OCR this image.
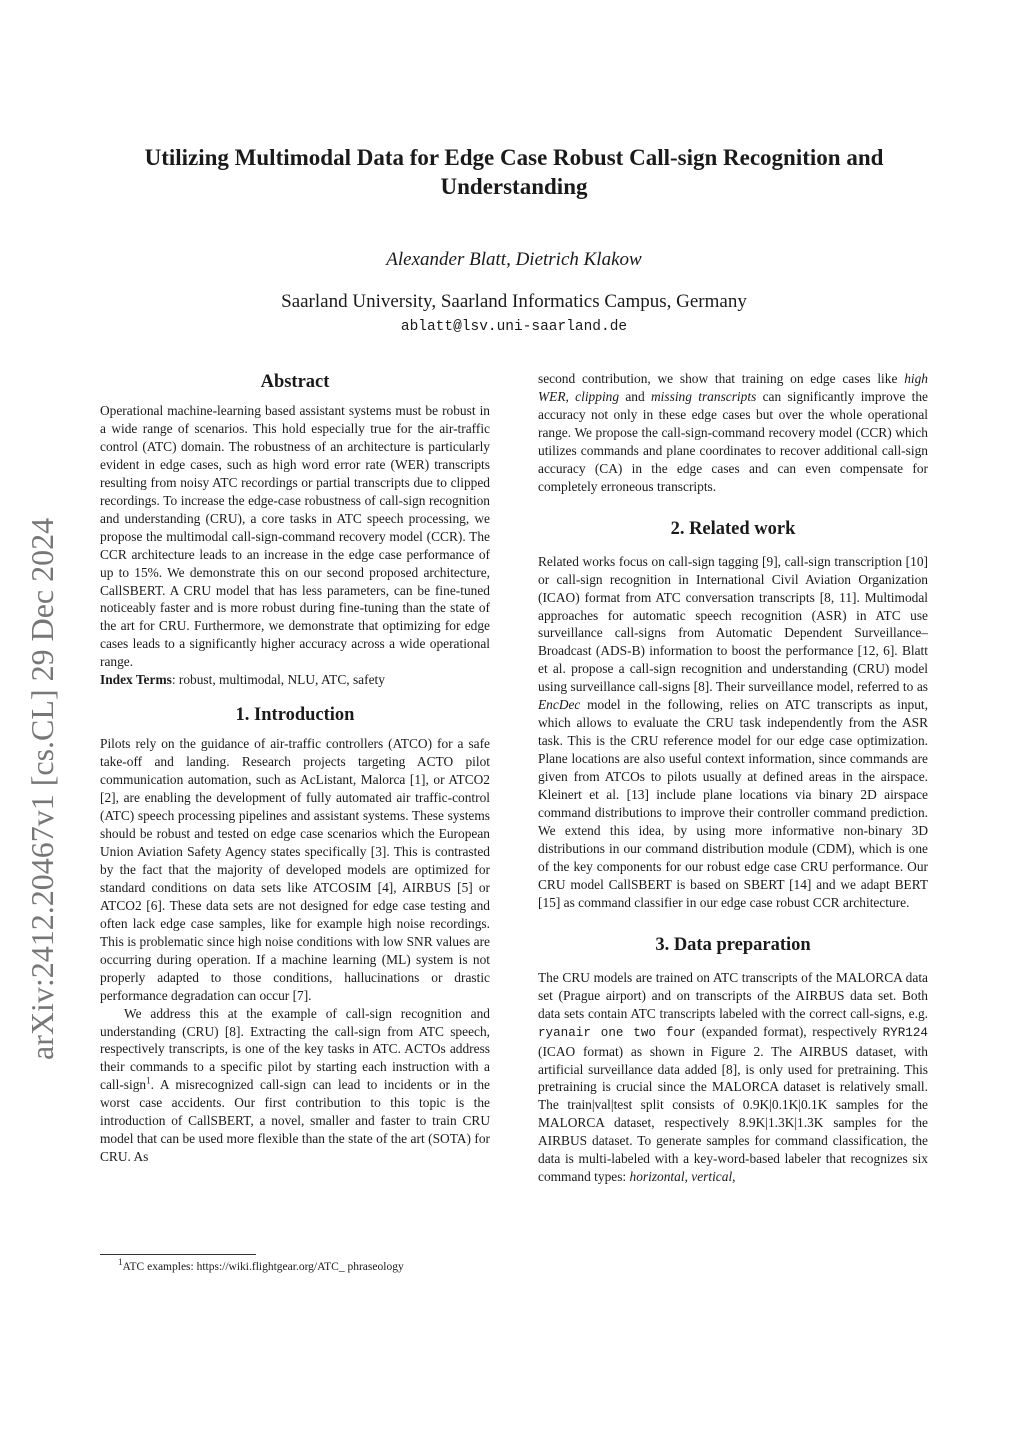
arXiv:2412.20467v1 [cs.CL] 29 Dec 2024
Utilizing Multimodal Data for Edge Case Robust Call-sign Recognition and Understanding
Alexander Blatt, Dietrich Klakow
Saarland University, Saarland Informatics Campus, Germany
ablatt@lsv.uni-saarland.de
Abstract

Operational machine-learning based assistant systems must be robust in a wide range of scenarios. This hold especially true for the air-traffic control (ATC) domain. The robustness of an architecture is particularly evident in edge cases, such as high word error rate (WER) transcripts resulting from noisy ATC recordings or partial transcripts due to clipped recordings. To increase the edge-case robustness of call-sign recognition and understanding (CRU), a core tasks in ATC speech processing, we propose the multimodal call-sign-command recovery model (CCR). The CCR architecture leads to an increase in the edge case performance of up to 15%. We demonstrate this on our second proposed architecture, CallSBERT. A CRU model that has less parameters, can be fine-tuned noticeably faster and is more robust during fine-tuning than the state of the art for CRU. Furthermore, we demonstrate that optimizing for edge cases leads to a significantly higher accuracy across a wide operational range.

Index Terms: robust, multimodal, NLU, ATC, safety

1. Introduction

Pilots rely on the guidance of air-traffic controllers (ATCO) for a safe take-off and landing. Research projects targeting ACTO pilot communication automation, such as AcListant, Malorca [1], or ATCO2 [2], are enabling the development of fully automated air traffic-control (ATC) speech processing pipelines and assistant systems. These systems should be robust and tested on edge case scenarios which the European Union Aviation Safety Agency states specifically [3]. This is contrasted by the fact that the majority of developed models are optimized for standard conditions on data sets like ATCOSIM [4], AIRBUS [5] or ATCO2 [6]. These data sets are not designed for edge case testing and often lack edge case samples, like for example high noise recordings. This is problematic since high noise conditions with low SNR values are occurring during operation. If a machine learning (ML) system is not properly adapted to those conditions, hallucinations or drastic performance degradation can occur [7].

We address this at the example of call-sign recognition and understanding (CRU) [8]. Extracting the call-sign from ATC speech, respectively transcripts, is one of the key tasks in ATC. ACTOs address their commands to a specific pilot by starting each instruction with a call-sign$^1$. A misrecognized call-sign can lead to incidents or in the worst case accidents. Our first contribution to this topic is the introduction of CallSBERT, a novel, smaller and faster to train CRU model that can be used more flexible than the state of the art (SOTA) for CRU. As

$^1$ATC examples: https://wiki.flightgear.org/ATC_ phraseology

second contribution, we show that training on edge cases like high WER, clipping and missing transcripts can significantly improve the accuracy not only in these edge cases but over the whole operational range. We propose the call-sign-command recovery model (CCR) which utilizes commands and plane coordinates to recover additional call-sign accuracy (CA) in the edge cases and can even compensate for completely erroneous transcripts.

2. Related work

Related works focus on call-sign tagging [9], call-sign transcription [10] or call-sign recognition in International Civil Aviation Organization (ICAO) format from ATC conversation transcripts [8, 11]. Multimodal approaches for automatic speech recognition (ASR) in ATC use surveillance call-signs from Automatic Dependent Surveillance–Broadcast (ADS-B) information to boost the performance [12, 6]. Blatt et al. propose a call-sign recognition and understanding (CRU) model using surveillance call-signs [8]. Their surveillance model, referred to as EncDec model in the following, relies on ATC transcripts as input, which allows to evaluate the CRU task independently from the ASR task. This is the CRU reference model for our edge case optimization. Plane locations are also useful context information, since commands are given from ATCOs to pilots usually at defined areas in the airspace. Kleinert et al. [13] include plane locations via binary 2D airspace command distributions to improve their controller command prediction. We extend this idea, by using more informative non-binary 3D distributions in our command distribution module (CDM), which is one of the key components for our robust edge case CRU performance. Our CRU model CallSBERT is based on SBERT [14] and we adapt BERT [15] as command classifier in our edge case robust CCR architecture.

3. Data preparation

The CRU models are trained on ATC transcripts of the MALORCA data set (Prague airport) and on transcripts of the AIRBUS data set. Both data sets contain ATC transcripts labeled with the correct call-signs, e.g. ryanair one two four (expanded format), respectively RYR124 (ICAO format) as shown in Figure 2. The AIRBUS dataset, with artificial surveillance data added [8], is only used for pretraining. This pretraining is crucial since the MALORCA dataset is relatively small. The train|val|test split consists of 0.9K|0.1K|0.1K samples for the MALORCA dataset, respectively 8.9K|1.3K|1.3K samples for the AIRBUS dataset. To generate samples for command classification, the data is multi-labeled with a key-word-based labeler that recognizes six command types: horizontal, vertical,
